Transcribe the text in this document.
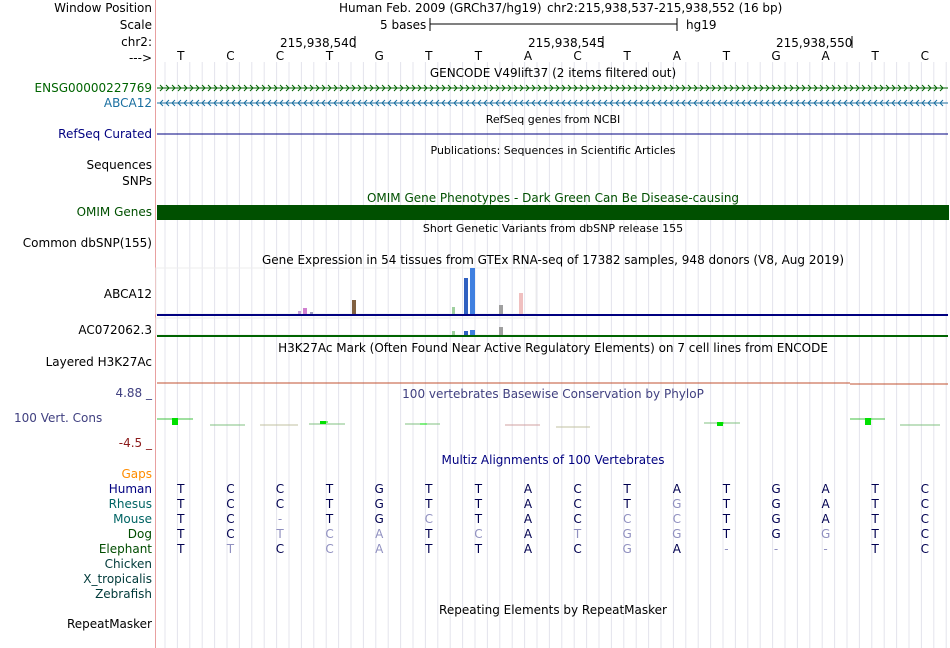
Window Position
Scale
chr2:
--->
Human Feb. 2009 (GRCh37/hg19) chr2:215,938,537-215,938,552 (16 bp)
5 bases	hg19
215,938,540	215,938,545	215,938,550
T	C	C	T	G	T	T	A	C	T	A	T	G	A	T	C
GENCODE V49lift37 (2 items filtered out)
ENSG00000227769
ABCA12
RefSeq genes from NCBI
RefSeq Curated
Publications: Sequences in Scientific Articles
Sequences
SNPs
OMIM Gene Phenotypes - Dark Green Can Be Disease-causing
OMIM Genes
Short Genetic Variants from dbSNP release 155
Common dbSNP(155)
Gene Expression in 54 tissues from GTEx RNA-seq of 17382 samples, 948 donors (V8, Aug 2019)
ABCA12
AC072062.3
H3K27Ac Mark (Often Found Near Active Regulatory Elements) on 7 cell lines from ENCODE
Layered H3K27Ac
100 vertebrates Basewise Conservation by PhyloP
4.88 _
100 Vert. Cons
-4.5 _
Gaps
Multiz Alignments of 100 Vertebrates
Human T	C	C	T	G	T	T	A	C	T	A	T	G	A	T	C
Rhesus T	C	C	T	G	T	T	A	C	T	G	T	G	A	T	C
Mouse T	C	-	T	G	C	T	A	C	C	C	T	G	A	T	C
Dog T	C	T	C	A	T	C	A	T	G	G	T	G	G	T	C
Elephant T	T	C	C	A	T	T	A	C	G	A	-	-	-	T	C
Chicken
X_tropicalis
Zebrafish
Repeating Elements by RepeatMasker
RepeatMasker
